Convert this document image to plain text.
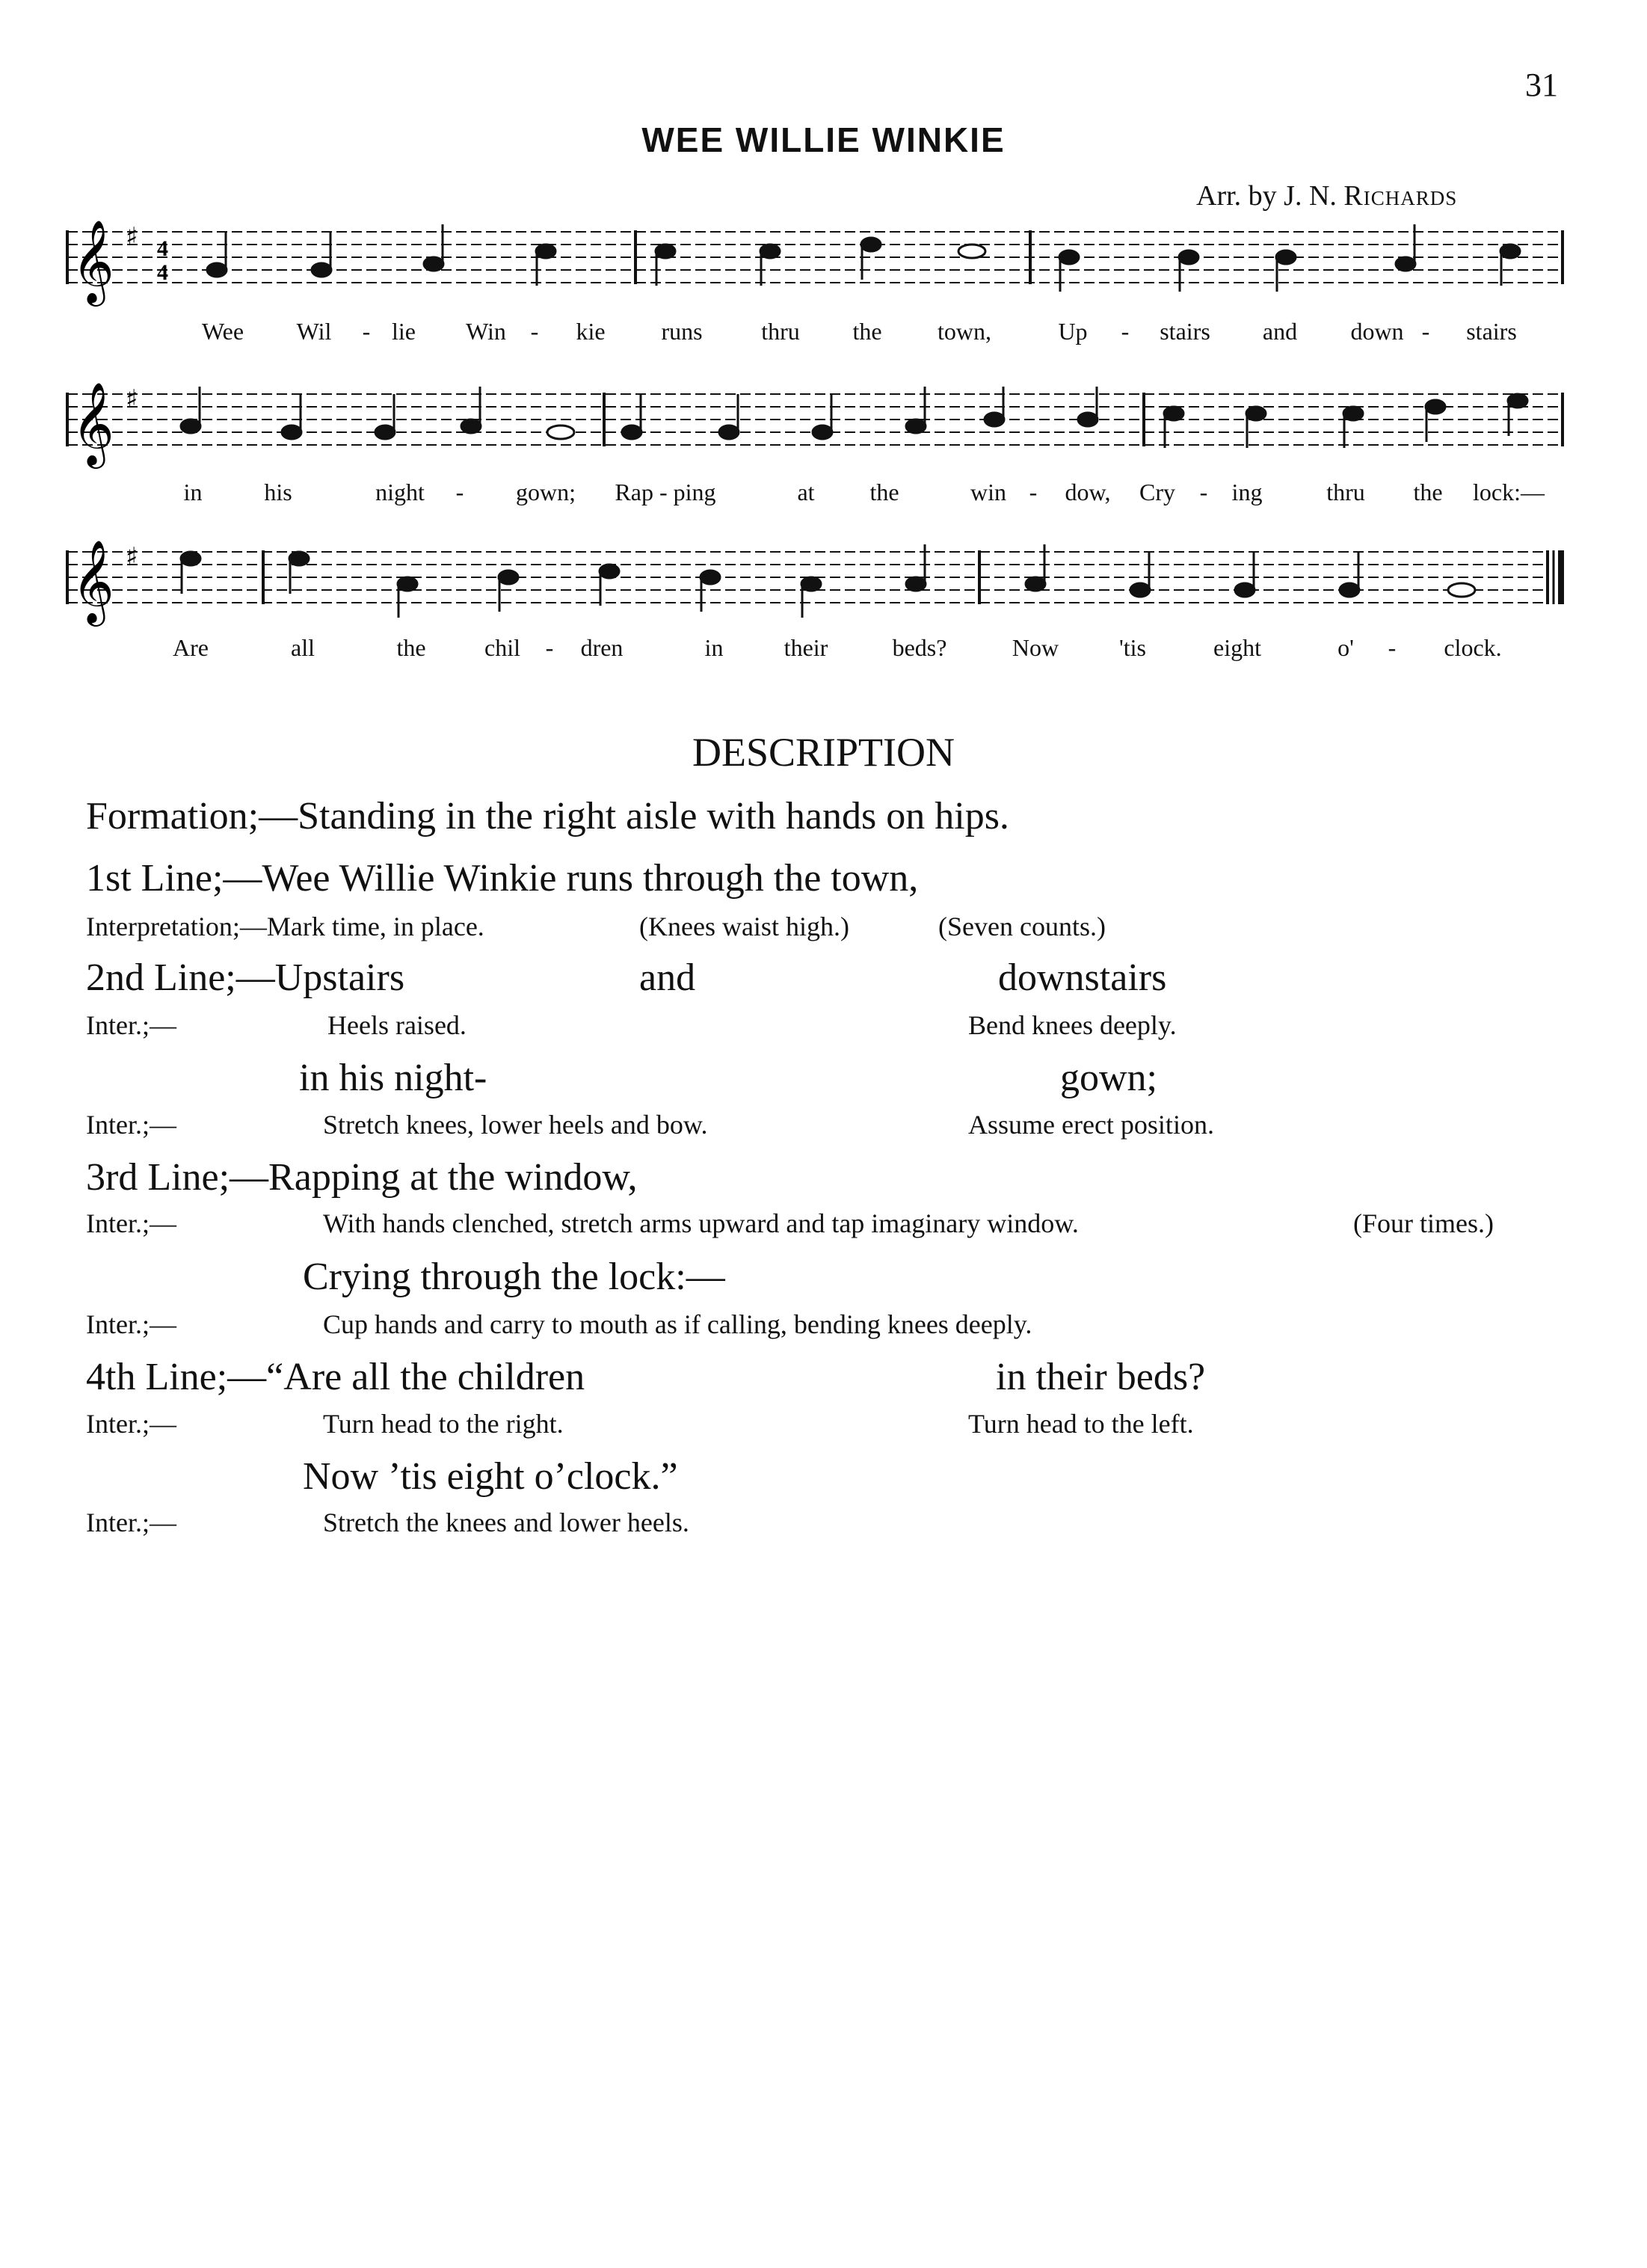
31
WEE WILLIE WINKIE
Arr. by J. N. Richards
𝄞 ♯ 4
4
Wee Wil - lie Win - kie runs thru the town,	Up - stairs and down - stairs
𝄞 ♯
in	his	night - gown; Rap - ping	at the	win - dow, Cry - ing	thru the lock:—
𝄞 ♯
Are	all	the chil - dren	in	their	beds?	Now	'tis	eight	o' - clock.
DESCRIPTION
Formation;—Standing in the right aisle with hands on hips.
1st Line;—Wee Willie Winkie runs through the town,
Interpretation;—Mark time, in place.	(Knees waist high.)	(Seven counts.)
2nd Line;—Upstairs	and	downstairs
Inter.;—	Heels raised.	Bend knees deeply.
in his night-	gown;
Inter.;—	Stretch knees, lower heels and bow.	Assume erect position.
3rd Line;—Rapping at the window,
Inter.;—	With hands clenched, stretch arms upward and tap imaginary window.	(Four times.)
Crying through the lock:—
Inter.;—	Cup hands and carry to mouth as if calling, bending knees deeply.
4th Line;—“Are all the children	in their beds?
Inter.;—	Turn head to the right.	Turn head to the left.
Now ’tis eight o’clock.”
Inter.;—	Stretch the knees and lower heels.
